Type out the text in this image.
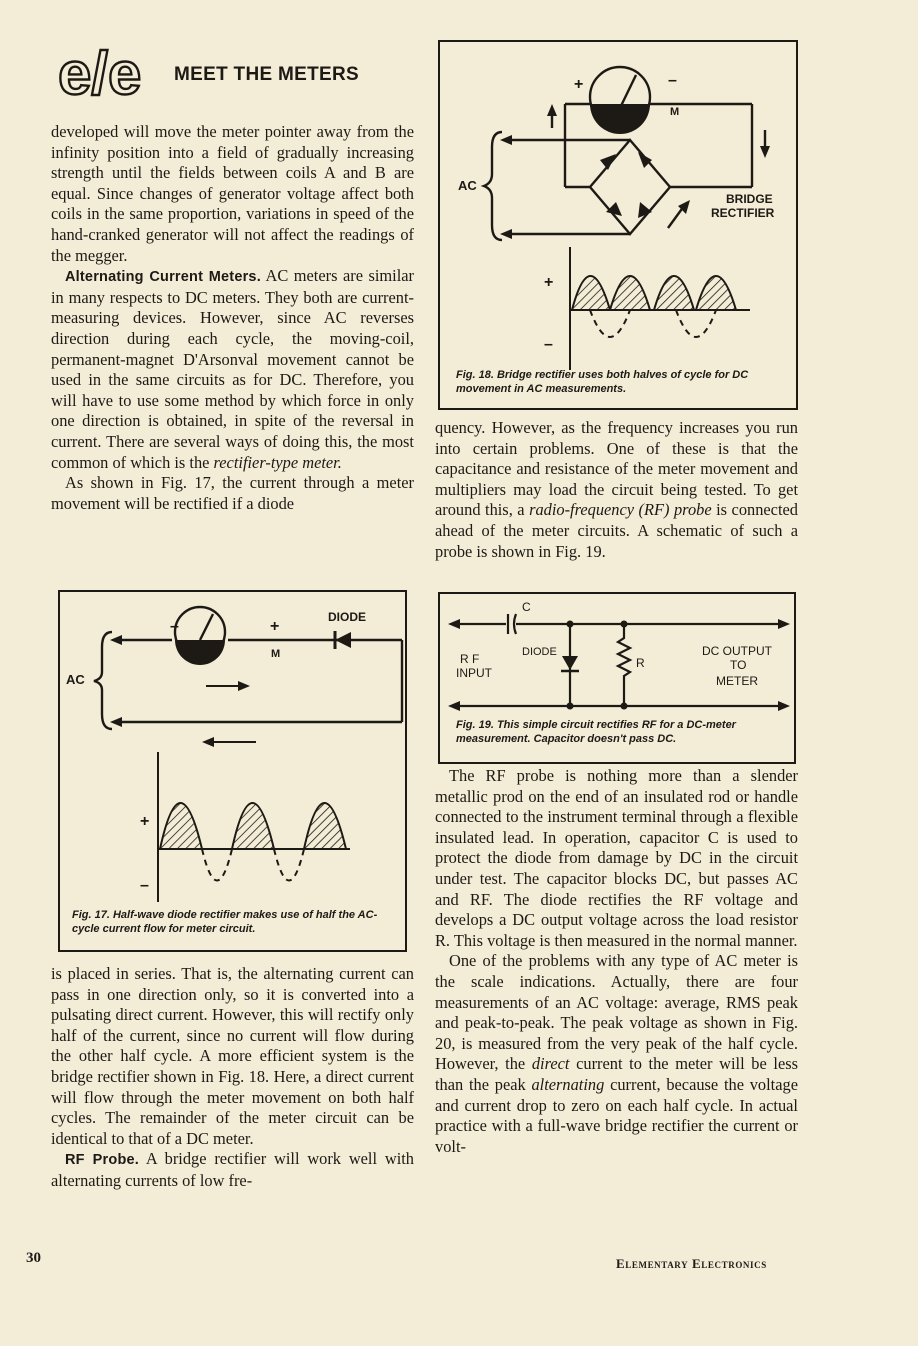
e/e MEET THE METERS

developed will move the meter pointer away from the infinity position into a field of gradually increasing strength until the fields between coils A and B are equal. Since changes of generator voltage affect both coils in the same proportion, variations in speed of the hand-cranked generator will not affect the readings of the megger.

Alternating Current Meters. AC meters are similar in many respects to DC meters. They both are current-measuring devices. However, since AC reverses direction during each cycle, the moving-coil, permanent-magnet D'Arsonval movement cannot be used in the same circuits as for DC. Therefore, you will have to use some method by which force in only one direction is obtained, in spite of the reversal in current. There are several ways of doing this, the most common of which is the rectifier-type meter.

As shown in Fig. 17, the current through a meter movement will be rectified if a diode

DIODE
AC
M
–	+
+
–

Fig. 17. Half-wave diode rectifier makes use of half the AC-cycle current flow for meter circuit.

is placed in series. That is, the alternating current can pass in one direction only, so it is converted into a pulsating direct current. However, this will rectify only half of the current, since no current will flow during the other half cycle. A more efficient system is the bridge rectifier shown in Fig. 18. Here, a direct current will flow through the meter movement on both half cycles. The remainder of the meter circuit can be identical to that of a DC meter.

RF Probe. A bridge rectifier will work well with alternating currents of low fre-

AC
M
+	–
BRIDGE
RECTIFIER
+
–

Fig. 18. Bridge rectifier uses both halves of cycle for DC movement in AC measurements.

quency. However, as the frequency increases you run into certain problems. One of these is that the capacitance and resistance of the meter movement and multipliers may load the circuit being tested. To get around this, a radio-frequency (RF) probe is connected ahead of the meter circuits. A schematic of such a probe is shown in Fig. 19.

C
R F
INPUT
DIODE
R
DC OUTPUT
TO
METER

Fig. 19. This simple circuit rectifies RF for a DC-meter measurement. Capacitor doesn't pass DC.

The RF probe is nothing more than a slender metallic prod on the end of an insulated rod or handle connected to the instrument terminal through a flexible insulated lead. In operation, capacitor C is used to protect the diode from damage by DC in the circuit under test. The capacitor blocks DC, but passes AC and RF. The diode rectifies the RF voltage and develops a DC output voltage across the load resistor R. This voltage is then measured in the normal manner.

One of the problems with any type of AC meter is the scale indications. Actually, there are four measurements of an AC voltage: average, RMS peak and peak-to-peak. The peak voltage as shown in Fig. 20, is measured from the very peak of the half cycle. However, the direct current to the meter will be less than the peak alternating current, because the voltage and current drop to zero on each half cycle. In actual practice with a full-wave bridge rectifier the current or volt-

30	Elementary Electronics
